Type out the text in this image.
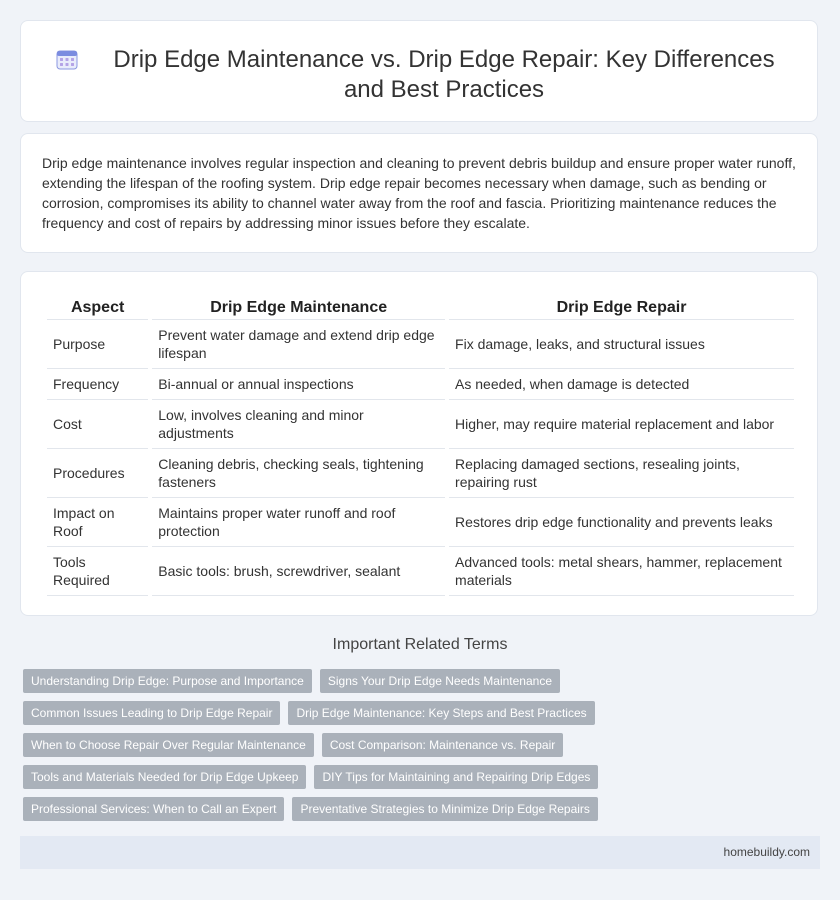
Drip Edge Maintenance vs. Drip Edge Repair: Key Differences and Best Practices

Drip edge maintenance involves regular inspection and cleaning to prevent debris buildup and ensure proper water runoff, extending the lifespan of the roofing system. Drip edge repair becomes necessary when damage, such as bending or corrosion, compromises its ability to channel water away from the roof and fascia. Prioritizing maintenance reduces the frequency and cost of repairs by addressing minor issues before they escalate.

Aspect	Drip Edge Maintenance	Drip Edge Repair
Purpose	Prevent water damage and extend drip edge lifespan	Fix damage, leaks, and structural issues
Frequency	Bi-annual or annual inspections	As needed, when damage is detected
Cost	Low, involves cleaning and minor adjustments	Higher, may require material replacement and labor
Procedures	Cleaning debris, checking seals, tightening fasteners	Replacing damaged sections, resealing joints, repairing rust
Impact on Roof	Maintains proper water runoff and roof protection	Restores drip edge functionality and prevents leaks
Tools Required	Basic tools: brush, screwdriver, sealant	Advanced tools: metal shears, hammer, replacement materials
Important Related Terms
Understanding Drip Edge: Purpose and Importance	Signs Your Drip Edge Needs Maintenance
Common Issues Leading to Drip Edge Repair	Drip Edge Maintenance: Key Steps and Best Practices
When to Choose Repair Over Regular Maintenance	Cost Comparison: Maintenance vs. Repair
Tools and Materials Needed for Drip Edge Upkeep	DIY Tips for Maintaining and Repairing Drip Edges
Professional Services: When to Call an Expert	Preventative Strategies to Minimize Drip Edge Repairs
homebuildy.com
